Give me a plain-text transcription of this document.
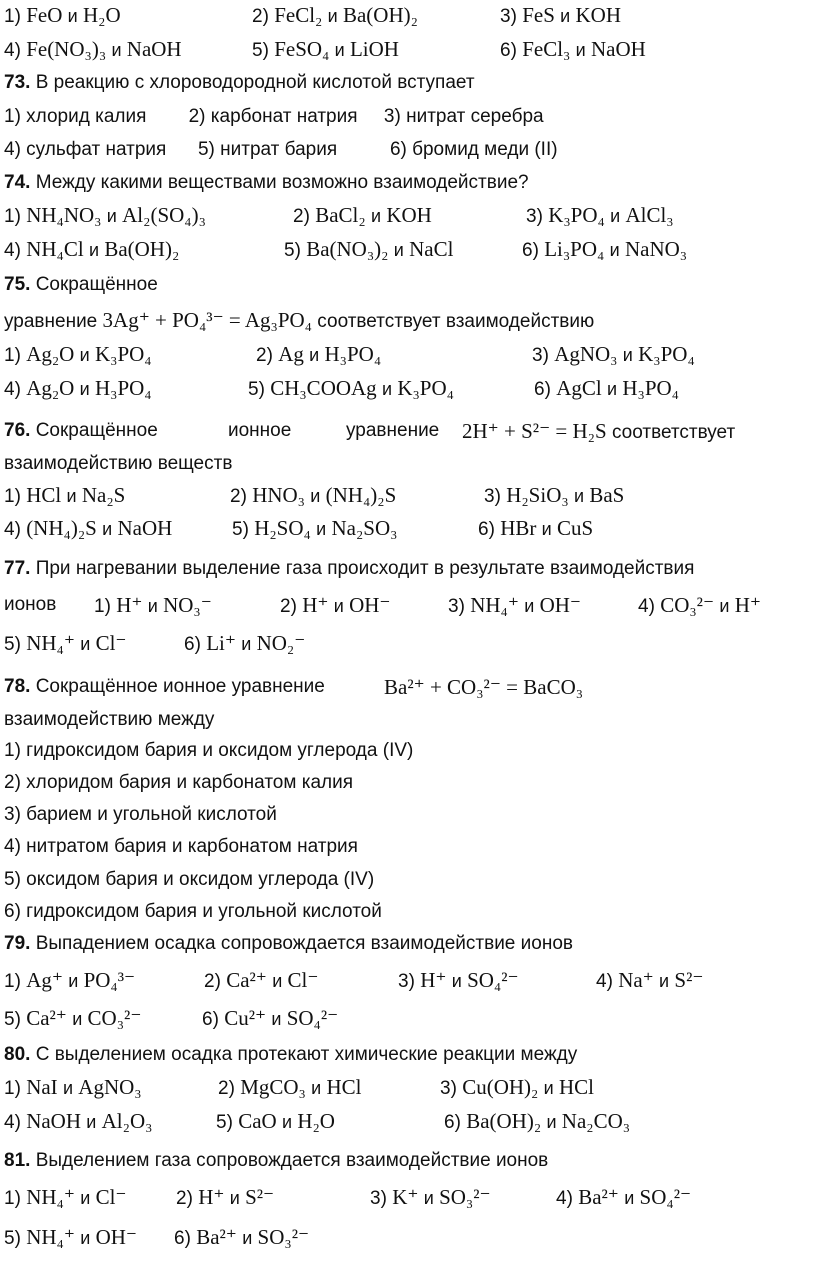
1) FeO и H₂O	2) FeCl₂ и Ba(OH)₂	3) FeS и KOH
4) Fe(NO₃)₃ и NaOH	5) FeSO₄ и LiOH	6) FeCl₃ и NaOH
73. В реакцию с хлороводородной кислотой вступает
1) хлорид калия        2) карбонат натрия     3) нитрат серебра
4) сульфат натрия      5) нитрат бария          6) бромид меди (II)
74. Между какими веществами возможно взаимодействие?
1) NH₄NO₃ и Al₂(SO₄)₃	2) BaCl₂ и KOH	3) K₃PO₄ и AlCl₃
4) NH₄Cl и Ba(OH)₂	5) Ba(NO₃)₂ и NaCl	6) Li₃PO₄ и NaNO₃
75. Сокращённое
уравнение 3Ag⁺ + PO₄³⁻ = Ag₃PO₄ соответствует взаимодействию
1) Ag₂O и K₃PO₄	2) Ag и H₃PO₄	3) AgNO₃ и K₃PO₄
4) Ag₂O и H₃PO₄	5) CH₃COOAg и K₃PO₄	6) AgCl и H₃PO₄
76. Сокращённое	ионное	уравнение 2H⁺ + S²⁻ = H₂S соответствует
взаимодействию веществ
1) HCl и Na₂S	2) HNO₃ и (NH₄)₂S	3) H₂SiO₃ и BaS
4) (NH₄)₂S и NaOH	5) H₂SO₄ и Na₂SO₃	6) HBr и CuS
77. При нагревании выделение газа происходит в результате взаимодействия
ионов 1) H⁺ и NO₃⁻	2) H⁺ и OH⁻	3) NH₄⁺ и OH⁻	4) CO₃²⁻ и H⁺
5) NH₄⁺ и Cl⁻	6) Li⁺ и NO₂⁻
78. Сокращённое ионное уравнение	Ba²⁺ + CO₃²⁻ = BaCO₃
взаимодействию между
1) гидроксидом бария и оксидом углерода (IV)
2) хлоридом бария и карбонатом калия
3) барием и угольной кислотой
4) нитратом бария и карбонатом натрия
5) оксидом бария и оксидом углерода (IV)
6) гидроксидом бария и угольной кислотой
79. Выпадением осадка сопровождается взаимодействие ионов
1) Ag⁺ и PO₄³⁻	2) Ca²⁺ и Cl⁻	3) H⁺ и SO₄²⁻	4) Na⁺ и S²⁻
5) Ca²⁺ и CO₃²⁻	6) Cu²⁺ и SO₄²⁻
80. С выделением осадка протекают химические реакции между
1) NaI и AgNO₃	2) MgCO₃ и HCl	3) Cu(OH)₂ и HCl
4) NaOH и Al₂O₃	5) CaO и H₂O	6) Ba(OH)₂ и Na₂CO₃
81. Выделением газа сопровождается взаимодействие ионов
1) NH₄⁺ и Cl⁻	2) H⁺ и S²⁻	3) K⁺ и SO₃²⁻	4) Ba²⁺ и SO₄²⁻
5) NH₄⁺ и OH⁻ 6) Ba²⁺ и SO₃²⁻
